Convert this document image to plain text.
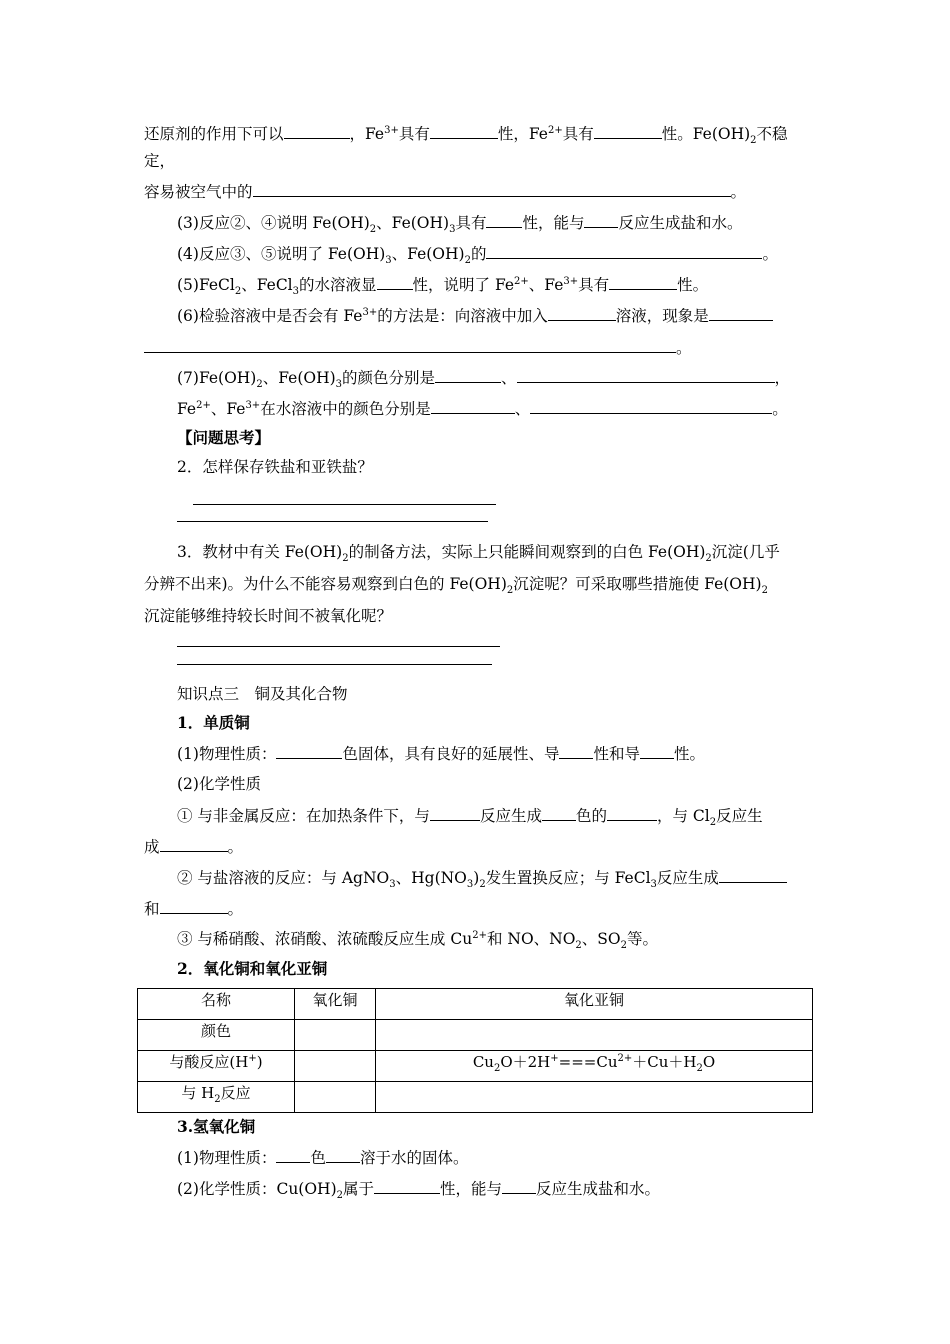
还原剂的作用下可以	，$Fe^{3+}$具有	性，$Fe^{2+}$具有	性。$Fe(OH)_2$不稳
定，
容易被空气中的	。
(3)反应②、④说明 $Fe(OH)_2$、$Fe(OH)_3$具有 性，能与 反应生成盐和水。
(4)反应③、⑤说明了 $Fe(OH)_3$、$Fe(OH)_2$的	。
(5)FeCl$_2$、FeCl$_3$的水溶液显 性，说明了 $Fe^{2+}$、$Fe^{3+}$具有	性。
(6)检验溶液中是否会有 $Fe^{3+}$的方法是：向溶液中加入	溶液，现象是
。
$(7)Fe(OH)_2$、$Fe(OH)_3$的颜色分别是	、	，
$Fe^{2+}$、$Fe^{3+}$在水溶液中的颜色分别是	、	。
【问题思考】
2．怎样保存铁盐和亚铁盐？
3．教材中有关 $Fe(OH)_2$的制备方法，实际上只能瞬间观察到的白色 $Fe(OH)_2$沉淀(几乎
分辨不出来)。为什么不能容易观察到白色的 $Fe(OH)_2$沉淀呢？可采取哪些措施使 $Fe(OH)_2$
沉淀能够维持较长时间不被氧化呢？
知识点三　铜及其化合物
1．单质铜
(1)物理性质：	色固体，具有良好的延展性、导 性和导 性。
(2)化学性质
① 与非金属反应：在加热条件下，与	反应生成 色的	，与 $Cl_2$反应生
成	。
② 与盐溶液的反应：与 AgNO$_3$、$Hg(NO_3)_2$发生置换反应；与 FeCl$_3$反应生成
和	。
③ 与稀硝酸、浓硝酸、浓硫酸反应生成 $Cu^{2+}$和 NO、$NO_2$、$SO_2$等。
2．氧化铜和氧化亚铜
名称	氧化铜	氧化亚铜
颜色		
与酸反应(H+)		$Cu_2O+2H^+===Cu^{2+}+Cu+H_2O$
与 $H_2$反应		
3.氢氧化铜
(1)物理性质： 色 溶于水的固体。
(2)化学性质：$Cu(OH)_2$属于	性，能与 反应生成盐和水。
